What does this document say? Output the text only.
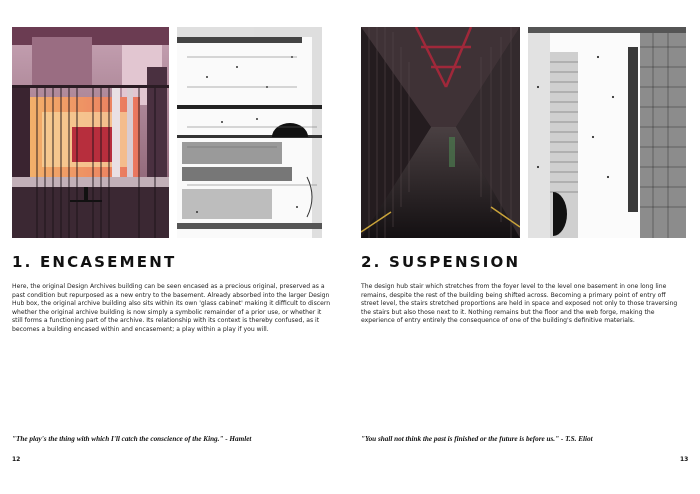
1. ENCASEMENT

Here, the original Design Archives building can be seen encased as a precious original, preserved as a past condition but repurposed as a new entry to the basement. Already absorbed into the larger Design Hub box, the original archive building also sits within its own 'glass cabinet' making it difficult to discern whether the original archive building is now simply a symbolic remainder of a prior use, or whether it still forms a functioning part of the archive. Its relationship with its context is thereby confused, as it becomes a building encased within and encasement; a play within a play if you will.

"The play's the thing with which I'll catch the conscience of the King." - Hamlet
12
2. SUSPENSION

The design hub stair which stretches from the foyer level to the level one basement in one long line remains, despite the rest of the building being shifted across. Becoming a primary point of entry off street level, the stairs stretched proportions are held in space and exposed not only to those traversing the stairs but also those next to it. Nothing remains but the floor and the web forge, making the experience of entry entirely the consequence of one of the building's definitive materials.

"You shall not think the past is finished or the future is before us." - T.S. Eliot
13
